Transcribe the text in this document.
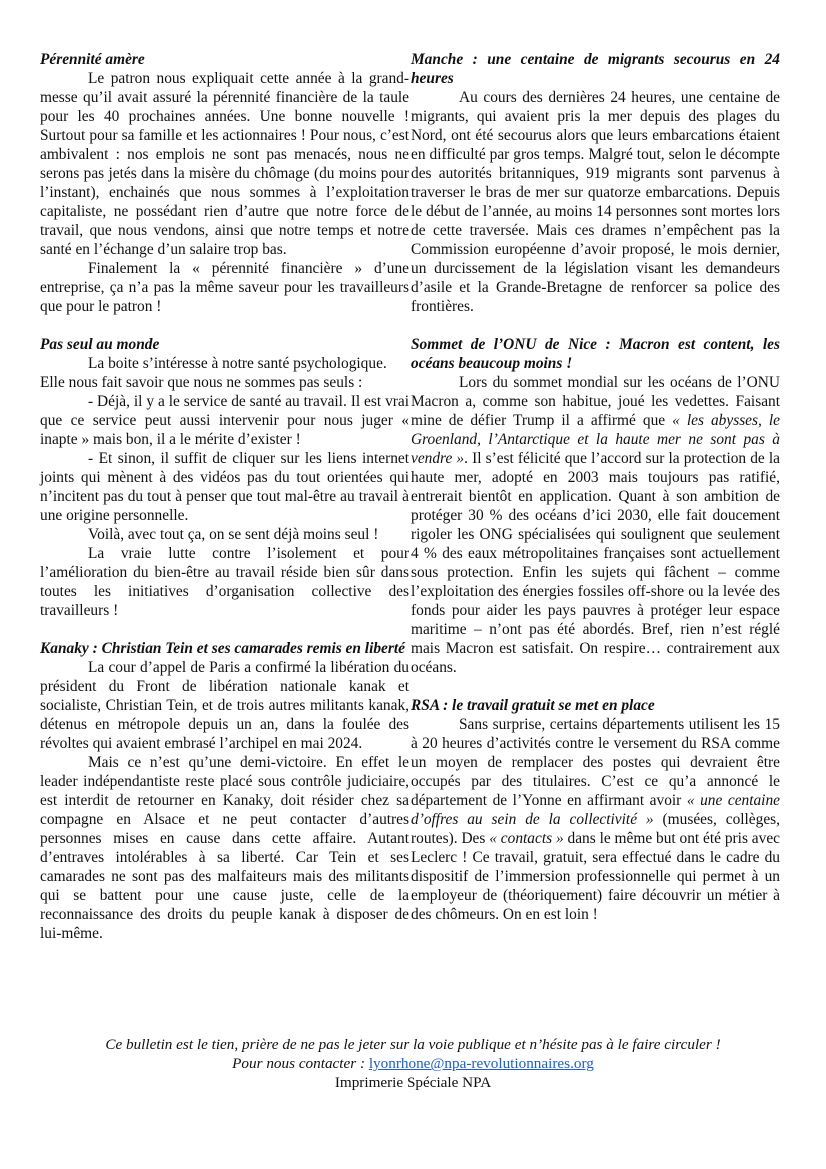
Pérennité amère

Le patron nous expliquait cette année à la grand-messe qu’il avait assuré la pérennité financière de la taule pour les 40 prochaines années. Une bonne nouvelle ! Surtout pour sa famille et les actionnaires ! Pour nous, c’est ambivalent : nos emplois ne sont pas menacés, nous ne serons pas jetés dans la misère du chômage (du moins pour l’instant), enchainés que nous sommes à l’exploitation capitaliste, ne possédant rien d’autre que notre force de travail, que nous vendons, ainsi que notre temps et notre santé en l’échange d’un salaire trop bas.

Finalement la « pérennité financière » d’une entreprise, ça n’a pas la même saveur pour les travailleurs que pour le patron !

Pas seul au monde

La boite s’intéresse à notre santé psychologique.

Elle nous fait savoir que nous ne sommes pas seuls :

- Déjà, il y a le service de santé au travail. Il est vrai que ce service peut aussi intervenir pour nous juger « inapte » mais bon, il a le mérite d’exister !

- Et sinon, il suffit de cliquer sur les liens internet joints qui mènent à des vidéos pas du tout orientées qui n’incitent pas du tout à penser que tout mal-être au travail à une origine personnelle.

Voilà, avec tout ça, on se sent déjà moins seul !

La vraie lutte contre l’isolement et pour l’amélioration du bien-être au travail réside bien sûr dans toutes les initiatives d’organisation collective des travailleurs !

Kanaky : Christian Tein et ses camarades remis en liberté

La cour d’appel de Paris a confirmé la libération du président du Front de libération nationale kanak et socialiste, Christian Tein, et de trois autres militants kanak, détenus en métropole depuis un an, dans la foulée des révoltes qui avaient embrasé l’archipel en mai 2024.

Mais ce n’est qu’une demi-victoire. En effet le leader indépendantiste reste placé sous contrôle judiciaire, est interdit de retourner en Kanaky, doit résider chez sa compagne en Alsace et ne peut contacter d’autres personnes mises en cause dans cette affaire. Autant d’entraves intolérables à sa liberté. Car Tein et ses camarades ne sont pas des malfaiteurs mais des militants qui se battent pour une cause juste, celle de la reconnaissance des droits du peuple kanak à disposer de lui-même.

Manche : une centaine de migrants secourus en 24 heures

Au cours des dernières 24 heures, une centaine de migrants, qui avaient pris la mer depuis des plages du Nord, ont été secourus alors que leurs embarcations étaient en difficulté par gros temps. Malgré tout, selon le décompte des autorités britanniques, 919 migrants sont parvenus à traverser le bras de mer sur quatorze embarcations. Depuis le début de l’année, au moins 14 personnes sont mortes lors de cette traversée. Mais ces drames n’empêchent pas la Commission européenne d’avoir proposé, le mois dernier, un durcissement de la législation visant les demandeurs d’asile et la Grande-Bretagne de renforcer sa police des frontières.

Sommet de l’ONU de Nice : Macron est content, les océans beaucoup moins !

Lors du sommet mondial sur les océans de l’ONU Macron a, comme son habitue, joué les vedettes. Faisant mine de défier Trump il a affirmé que « les abysses, le Groenland, l’Antarctique et la haute mer ne sont pas à vendre ». Il s’est félicité que l’accord sur la protection de la haute mer, adopté en 2003 mais toujours pas ratifié, entrerait bientôt en application. Quant à son ambition de protéger 30 % des océans d’ici 2030, elle fait doucement rigoler les ONG spécialisées qui soulignent que seulement 4 % des eaux métropolitaines françaises sont actuellement sous protection. Enfin les sujets qui fâchent – comme l’exploitation des énergies fossiles off-shore ou la levée des fonds pour aider les pays pauvres à protéger leur espace maritime – n’ont pas été abordés. Bref, rien n’est réglé mais Macron est satisfait. On respire… contrairement aux océans.

RSA : le travail gratuit se met en place

Sans surprise, certains départements utilisent les 15 à 20 heures d’activités contre le versement du RSA comme un moyen de remplacer des postes qui devraient être occupés par des titulaires. C’est ce qu’a annoncé le département de l’Yonne en affirmant avoir « une centaine d’offres au sein de la collectivité » (musées, collèges, routes). Des « contacts » dans le même but ont été pris avec Leclerc ! Ce travail, gratuit, sera effectué dans le cadre du dispositif de l’immersion professionnelle qui permet à un employeur de (théoriquement) faire découvrir un métier à des chômeurs. On en est loin !

Ce bulletin est le tien, prière de ne pas le jeter sur la voie publique et n’hésite pas à le faire circuler !
Pour nous contacter : lyonrhone@npa-revolutionnaires.org
Imprimerie Spéciale NPA
